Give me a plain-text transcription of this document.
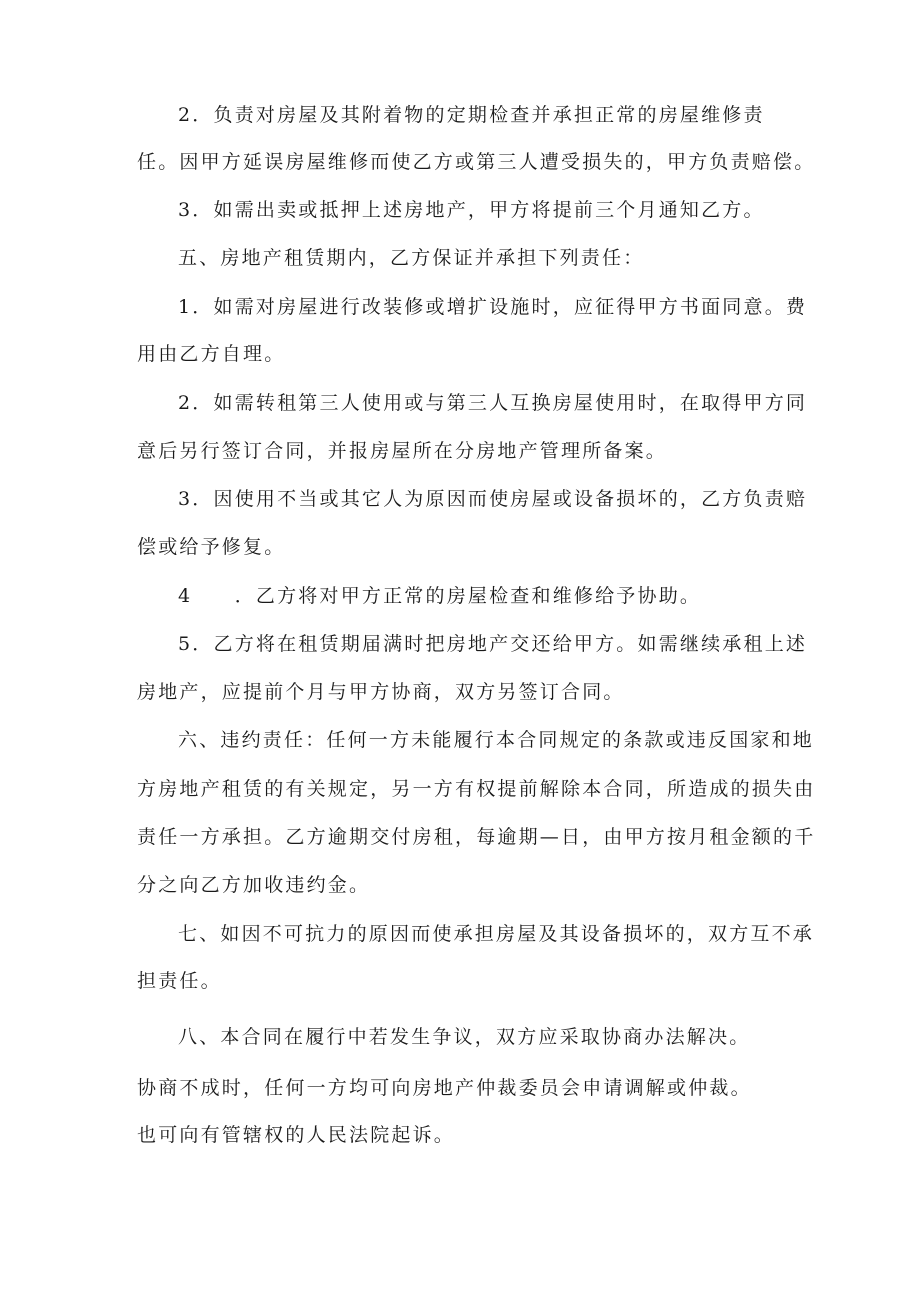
2．负责对房屋及其附着物的定期检查并承担正常的房屋维修责
任。因甲方延误房屋维修而使乙方或第三人遭受损失的，甲方负责赔偿。
3．如需出卖或抵押上述房地产，甲方将提前三个月通知乙方。
五、房地产租赁期内，乙方保证并承担下列责任：
1．如需对房屋进行改装修或增扩设施时，应征得甲方书面同意。费
用由乙方自理。
2．如需转租第三人使用或与第三人互换房屋使用时，在取得甲方同
意后另行签订合同，并报房屋所在分房地产管理所备案。
3．因使用不当或其它人为原因而使房屋或设备损坏的，乙方负责赔
偿或给予修复。
4　　．乙方将对甲方正常的房屋检查和维修给予协助。
5．乙方将在租赁期届满时把房地产交还给甲方。如需继续承租上述
房地产，应提前个月与甲方协商，双方另签订合同。
六、违约责任：任何一方未能履行本合同规定的条款或违反国家和地
方房地产租赁的有关规定，另一方有权提前解除本合同，所造成的损失由
责任一方承担。乙方逾期交付房租，每逾期—日，由甲方按月租金额的千
分之向乙方加收违约金。
七、如因不可抗力的原因而使承担房屋及其设备损坏的，双方互不承
担责任。
八、本合同在履行中若发生争议，双方应采取协商办法解决。
协商不成时，任何一方均可向房地产仲裁委员会申请调解或仲裁。
也可向有管辖权的人民法院起诉。
